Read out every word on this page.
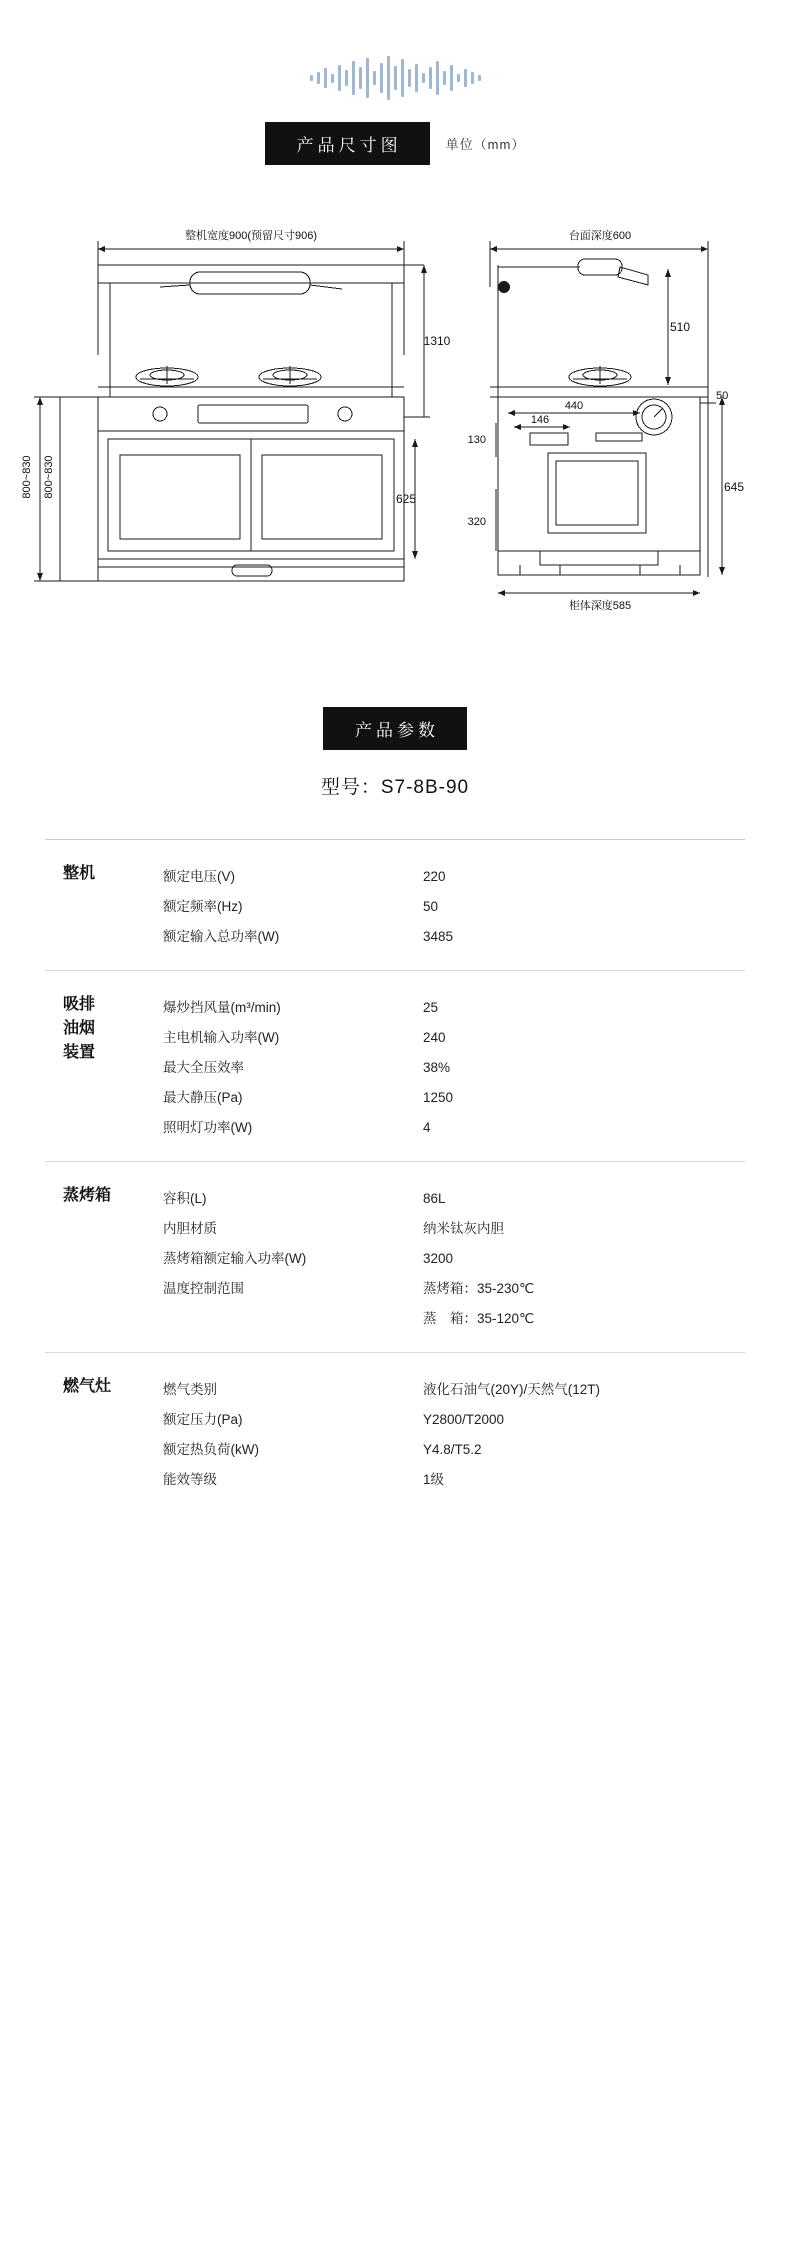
产品尺寸图	单位（mm）
整机宽度900(预留尺寸906)
1310
800~830 800~830
625
台面深度600
510
440
146
130
320
645
50
柜体深度585
产品参数
型号：S7-8B-90
整机	额定电压(V)	220
额定频率(Hz)	50
额定输入总功率(W)	3485
吸排
油烟
装置
爆炒挡风量(m³/min)	25
主电机输入功率(W)	240
最大全压效率	38%
最大静压(Pa)	1250
照明灯功率(W)	4
蒸烤箱	容积(L)	86L
内胆材质	纳米钛灰内胆
蒸烤箱额定输入功率(W)	3200
温度控制范围	蒸烤箱：35-230℃
蒸　箱：35-120℃
燃气灶	燃气类别	液化石油气(20Y)/天然气(12T)
额定压力(Pa)	Y2800/T2000
额定热负荷(kW)	Y4.8/T5.2
能效等级	1级
